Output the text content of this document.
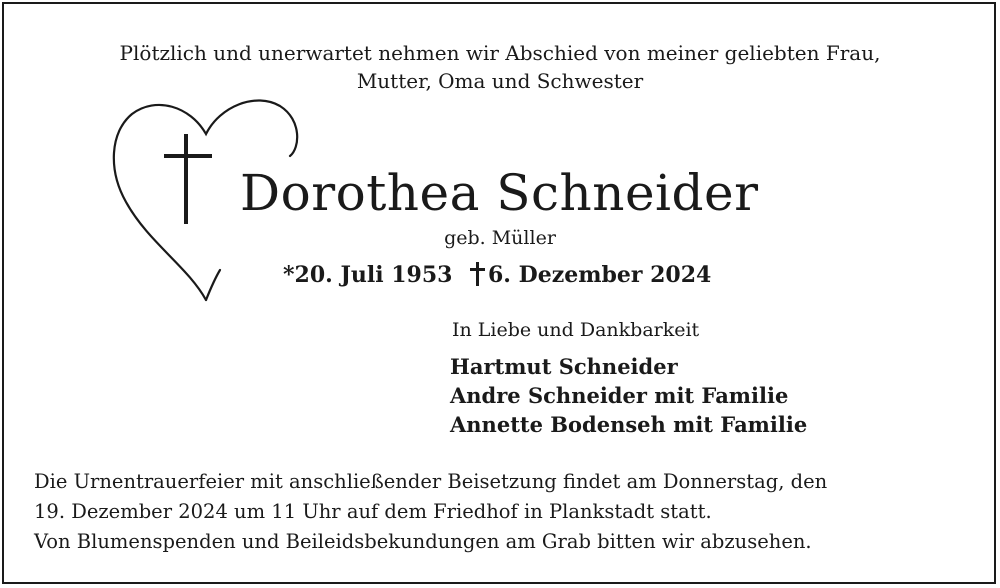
Plötzlich und unerwartet nehmen wir Abschied von meiner geliebten Frau,
Mutter, Oma und Schwester
Dorothea Schneider
geb. Müller
*20. Juli 1953	6. Dezember 2024
In Liebe und Dankbarkeit
Hartmut Schneider
Andre Schneider mit Familie
Annette Bodenseh mit Familie
Die Urnentrauerfeier mit anschließender Beisetzung findet am Donnerstag, den
19. Dezember 2024 um 11 Uhr auf dem Friedhof in Plankstadt statt.
Von Blumenspenden und Beileidsbekundungen am Grab bitten wir abzusehen.
